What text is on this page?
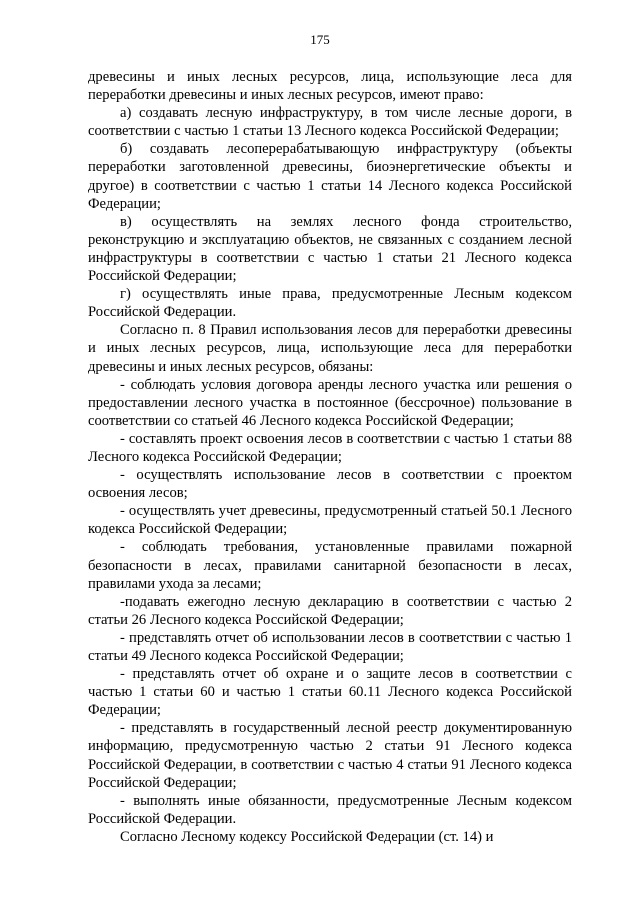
175

древесины и иных лесных ресурсов, лица, использующие леса для переработки древесины и иных лесных ресурсов, имеют право:

а) создавать лесную инфраструктуру, в том числе лесные дороги, в соответствии с частью 1 статьи 13 Лесного кодекса Российской Федерации;

б) создавать лесоперерабатывающую инфраструктуру (объекты переработки заготовленной древесины, биоэнергетические объекты и другое) в соответствии с частью 1 статьи 14 Лесного кодекса Российской Федерации;

в) осуществлять на землях лесного фонда строительство, реконструкцию и эксплуатацию объектов, не связанных с созданием лесной инфраструктуры в соответствии с частью 1 статьи 21 Лесного кодекса Российской Федерации;

г) осуществлять иные права, предусмотренные Лесным кодексом Российской Федерации.

Согласно п. 8 Правил использования лесов для переработки древесины и иных лесных ресурсов, лица, использующие леса для переработки древесины и иных лесных ресурсов, обязаны:

- соблюдать условия договора аренды лесного участка или решения о предоставлении лесного участка в постоянное (бессрочное) пользование в соответствии со статьей 46 Лесного кодекса Российской Федерации;

- составлять проект освоения лесов в соответствии с частью 1 статьи 88 Лесного кодекса Российской Федерации;

- осуществлять использование лесов в соответствии с проектом освоения лесов;

- осуществлять учет древесины, предусмотренный статьей 50.1 Лесного кодекса Российской Федерации;

- соблюдать требования, установленные правилами пожарной безопасности в лесах, правилами санитарной безопасности в лесах, правилами ухода за лесами;

-подавать ежегодно лесную декларацию в соответствии с частью 2 статьи 26 Лесного кодекса Российской Федерации;

- представлять отчет об использовании лесов в соответствии с частью 1 статьи 49 Лесного кодекса Российской Федерации;

- представлять отчет об охране и о защите лесов в соответствии с частью 1 статьи 60 и частью 1 статьи 60.11 Лесного кодекса Российской Федерации;

- представлять в государственный лесной реестр документированную информацию, предусмотренную частью 2 статьи 91 Лесного кодекса Российской Федерации, в соответствии с частью 4 статьи 91 Лесного кодекса Российской Федерации;

- выполнять иные обязанности, предусмотренные Лесным кодексом Российской Федерации.

Согласно Лесному кодексу Российской Федерации (ст. 14) и
